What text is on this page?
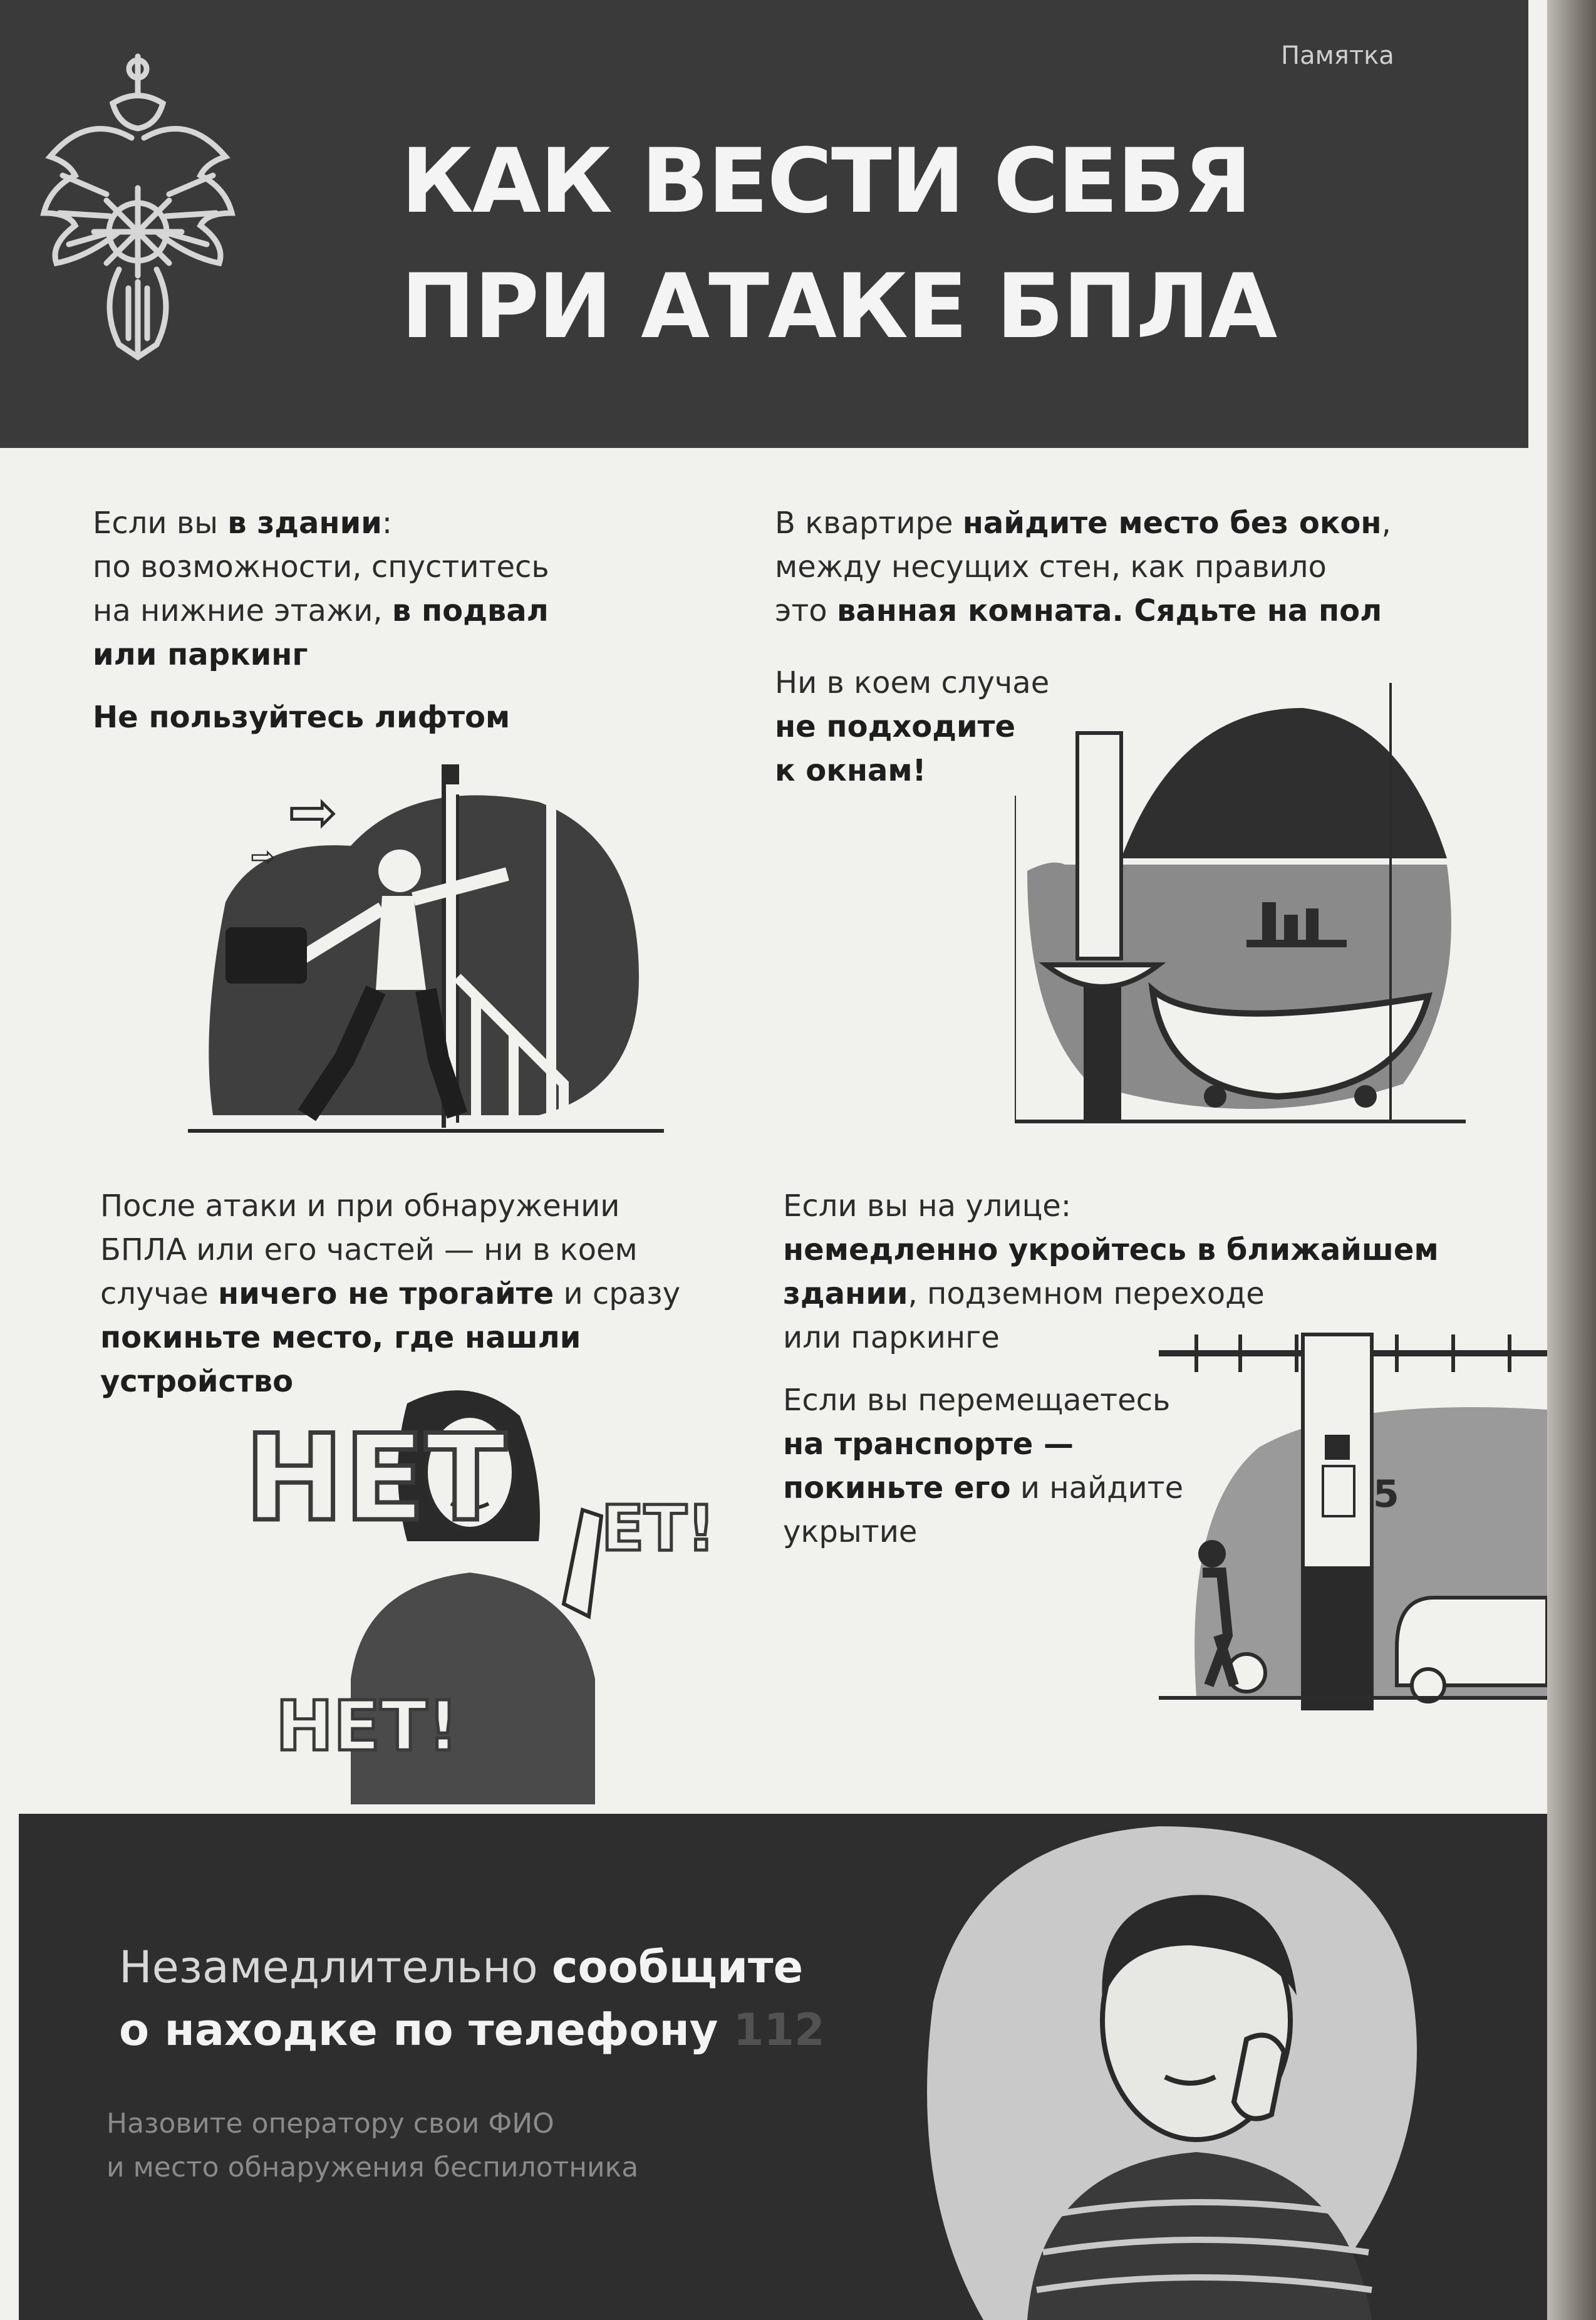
Памятка
КАК ВЕСТИ СЕБЯ
ПРИ АТАКЕ БПЛА
Если вы в здании:
по возможности, спуститесь
на нижние этажи, в подвал
или паркинг
Не пользуйтесь лифтом
⇨
⇨
В квартире найдите место без окон,
между несущих стен, как правило
это ванная комната. Сядьте на пол
Ни в коем случае
не подходите
к окнам!
После атаки и при обнаружении
БПЛА или его частей — ни в коем
случае ничего не трогайте и сразу
покиньте место, где нашли
устройство
НЕТ ЕТ!
НЕТ!
Если вы на улице:
немедленно укройтесь в ближайшем
здании, подземном переходе
или паркинге
Если вы перемещаетесь
на транспорте —
покиньте его и найдите
укрытие
5
Незамедлительно сообщите
о находке по телефону 112
Назовите оператору свои ФИО
и место обнаружения беспилотника
